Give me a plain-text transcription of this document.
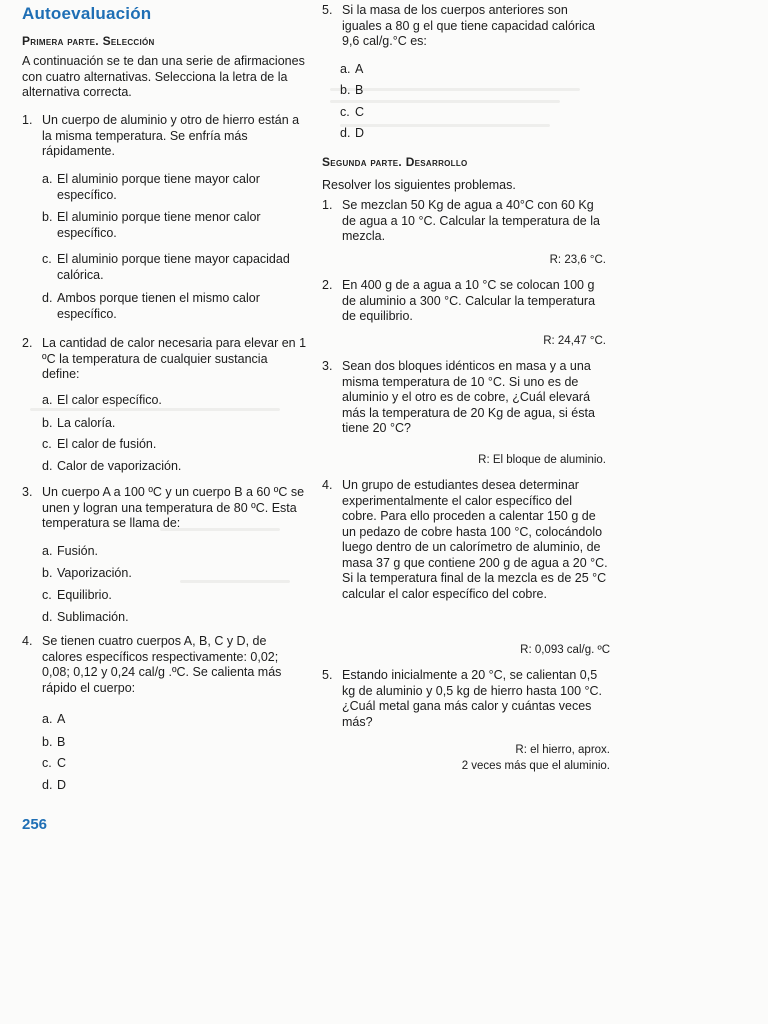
Autoevaluación
Primera parte. Selección
A continuación se te dan una serie de afirmaciones con cuatro alternativas. Selecciona la letra de la alternativa correcta.
1. Un cuerpo de aluminio y otro de hierro están a la misma temperatura. Se enfría más rápidamente.
a. El aluminio porque tiene mayor calor específico.
b. El aluminio porque tiene menor calor específico.
c. El aluminio porque tiene mayor capacidad calórica.
d. Ambos porque tienen el mismo calor específico.
2. La cantidad de calor necesaria para elevar en 1 ºC la temperatura de cualquier sustancia define:
a. El calor específico.
b. La caloría.
c. El calor de fusión.
d. Calor de vaporización.
3. Un cuerpo A a 100 ºC y un cuerpo B a 60 ºC se unen y logran una temperatura de 80 ºC. Esta temperatura se llama de:
a. Fusión.
b. Vaporización.
c. Equilibrio.
d. Sublimación.
4. Se tienen cuatro cuerpos A, B, C y D, de calores específicos respectivamente: 0,02; 0,08; 0,12 y 0,24 cal/g .ºC. Se calienta más rápido el cuerpo:
a. A
b. B
c. C
d. D
256
5. Si la masa de los cuerpos anteriores son iguales a 80 g el que tiene capacidad calórica 9,6 cal/g.°C es:
a. A
b. B
c. C
d. D
Segunda parte. Desarrollo
Resolver los siguientes problemas.
1. Se mezclan 50 Kg de agua a 40°C con 60 Kg de agua a 10 °C. Calcular la temperatura de la mezcla.
R: 23,6 °C.
2. En 400 g de a agua a 10 °C se colocan 100 g de aluminio a 300 °C. Calcular la temperatura de equilibrio.
R: 24,47 °C.
3. Sean dos bloques idénticos en masa y a una misma temperatura de 10 °C. Si uno es de aluminio y el otro es de cobre, ¿Cuál elevará más la temperatura de 20 Kg de agua, si ésta tiene 20 °C?
R: El bloque de aluminio.
4. Un grupo de estudiantes desea determinar experimentalmente el calor específico del cobre. Para ello proceden a calentar 150 g de un pedazo de cobre hasta 100 °C, colocándolo luego dentro de un calorímetro de aluminio, de masa 37 g que contiene 200 g de agua a 20 °C. Si la temperatura final de la mezcla es de 25 °C calcular el calor específico del cobre.
R: 0,093 cal/g. ºC
5. Estando inicialmente a 20 °C, se calientan 0,5 kg de aluminio y 0,5 kg de hierro hasta 100 °C. ¿Cuál metal gana más calor y cuántas veces más?
R: el hierro, aprox.
2 veces más que el aluminio.
